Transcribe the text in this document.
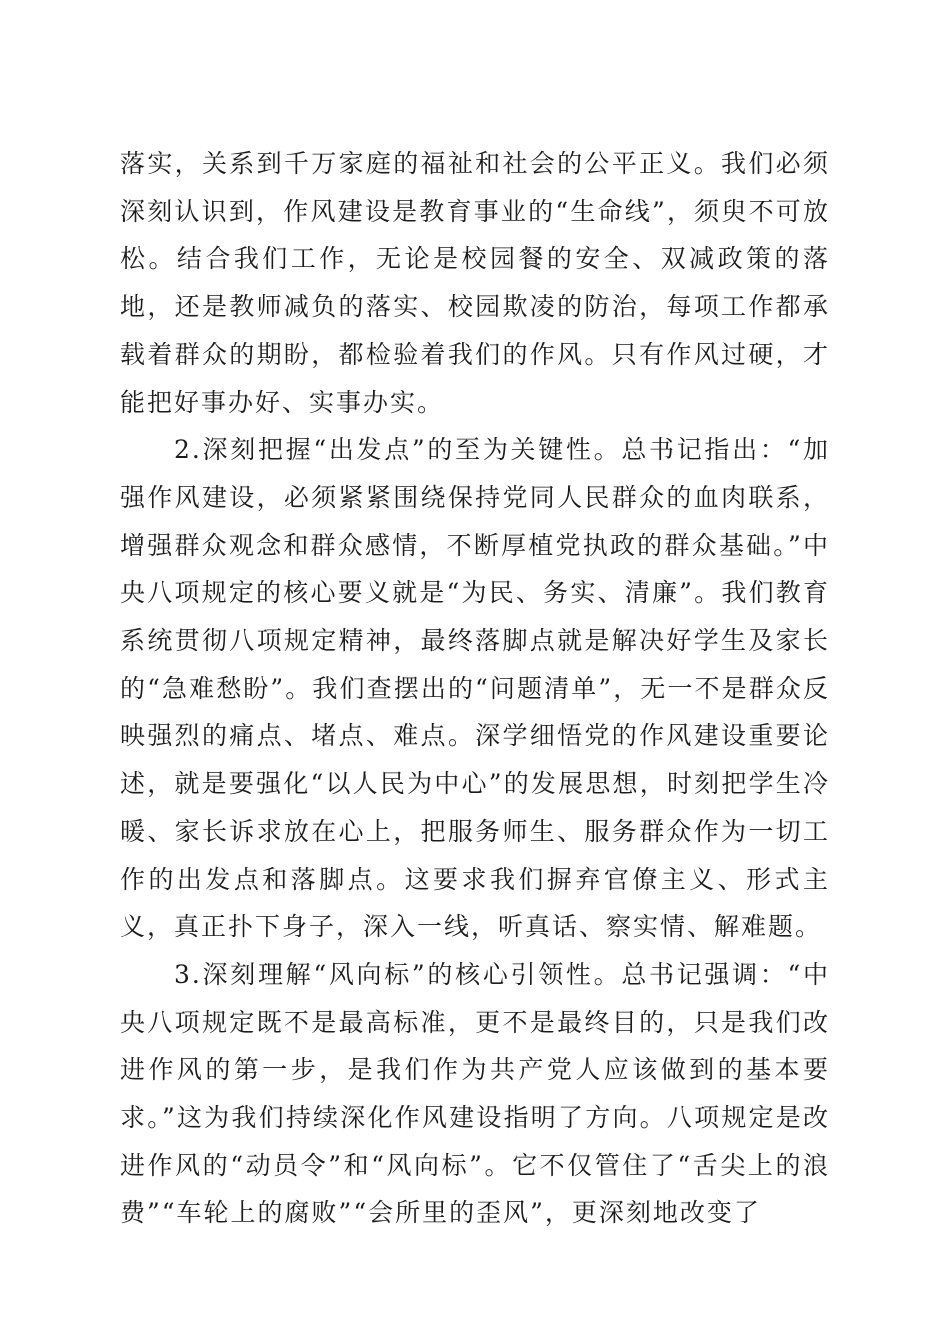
落实，关系到千万家庭的福祉和社会的公平正义。我们必须深刻认识到，作风建设是教育事业的“生命线”，须臾不可放松。结合我们工作，无论是校园餐的安全、双减政策的落地，还是教师减负的落实、校园欺凌的防治，每项工作都承载着群众的期盼，都检验着我们的作风。只有作风过硬，才能把好事办好、实事办实。

2.深刻把握“出发点”的至为关键性。总书记指出：“加强作风建设，必须紧紧围绕保持党同人民群众的血肉联系，增强群众观念和群众感情，不断厚植党执政的群众基础。”中央八项规定的核心要义就是“为民、务实、清廉”。我们教育系统贯彻八项规定精神，最终落脚点就是解决好学生及家长的“急难愁盼”。我们查摆出的“问题清单”，无一不是群众反映强烈的痛点、堵点、难点。深学细悟党的作风建设重要论述，就是要强化“以人民为中心”的发展思想，时刻把学生冷暖、家长诉求放在心上，把服务师生、服务群众作为一切工作的出发点和落脚点。这要求我们摒弃官僚主义、形式主义，真正扑下身子，深入一线，听真话、察实情、解难题。

3.深刻理解“风向标”的核心引领性。总书记强调：“中央八项规定既不是最高标准，更不是最终目的，只是我们改进作风的第一步，是我们作为共产党人应该做到的基本要求。”这为我们持续深化作风建设指明了方向。八项规定是改进作风的“动员令”和“风向标”。它不仅管住了“舌尖上的浪费”“车轮上的腐败”“会所里的歪风”，更深刻地改变了
